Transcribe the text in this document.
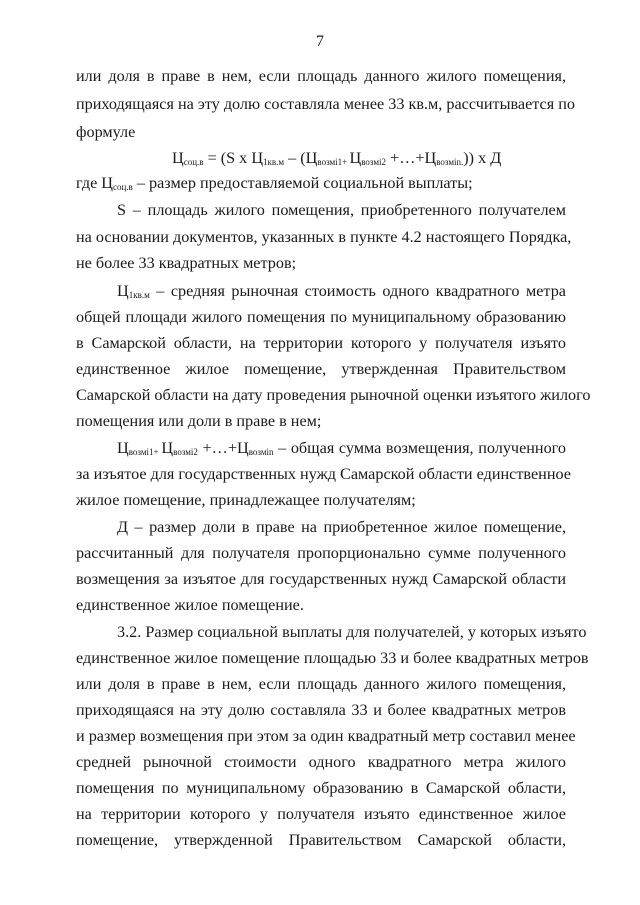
7
или доля в праве в нем, если площадь данного жилого помещения,
приходящаяся на эту долю составляла менее 33 кв.м, рассчитывается по
формуле
$Ц_{соц.в} = (S$ x $Ц_{1кв.м} - (Ц_{возмi1+}$ $Ц_{возмi2}$ $+\dots+Ц_{возмin.}$)) x Д
где $Ц_{соц.в}$ – размер предоставляемой социальной выплаты;
S – площадь жилого помещения, приобретенного получателем
на основании документов, указанных в пункте 4.2 настоящего Порядка,
не более 33 квадратных метров;
$Ц_{1кв.м}$ – средняя рыночная стоимость одного квадратного метра
общей площади жилого помещения по муниципальному образованию
в Самарской области, на территории которого у получателя изъято
единственное жилое помещение, утвержденная Правительством
Самарской области на дату проведения рыночной оценки изъятого жилого
помещения или доли в праве в нем;
$Ц_{возмi1+}$ $Ц_{возмi2}$ $+\dots+Ц_{возмin}$ – общая сумма возмещения, полученного
за изъятое для государственных нужд Самарской области единственное
жилое помещение, принадлежащее получателям;
Д – размер доли в праве на приобретенное жилое помещение,
рассчитанный для получателя пропорционально сумме полученного
возмещения за изъятое для государственных нужд Самарской области
единственное жилое помещение.
3.2. Размер социальной выплаты для получателей, у которых изъято
единственное жилое помещение площадью 33 и более квадратных метров
или доля в праве в нем, если площадь данного жилого помещения,
приходящаяся на эту долю составляла 33 и более квадратных метров
и размер возмещения при этом за один квадратный метр составил менее
средней рыночной стоимости одного квадратного метра жилого
помещения по муниципальному образованию в Самарской области,
на территории которого у получателя изъято единственное жилое
помещение, утвержденной Правительством Самарской области,
